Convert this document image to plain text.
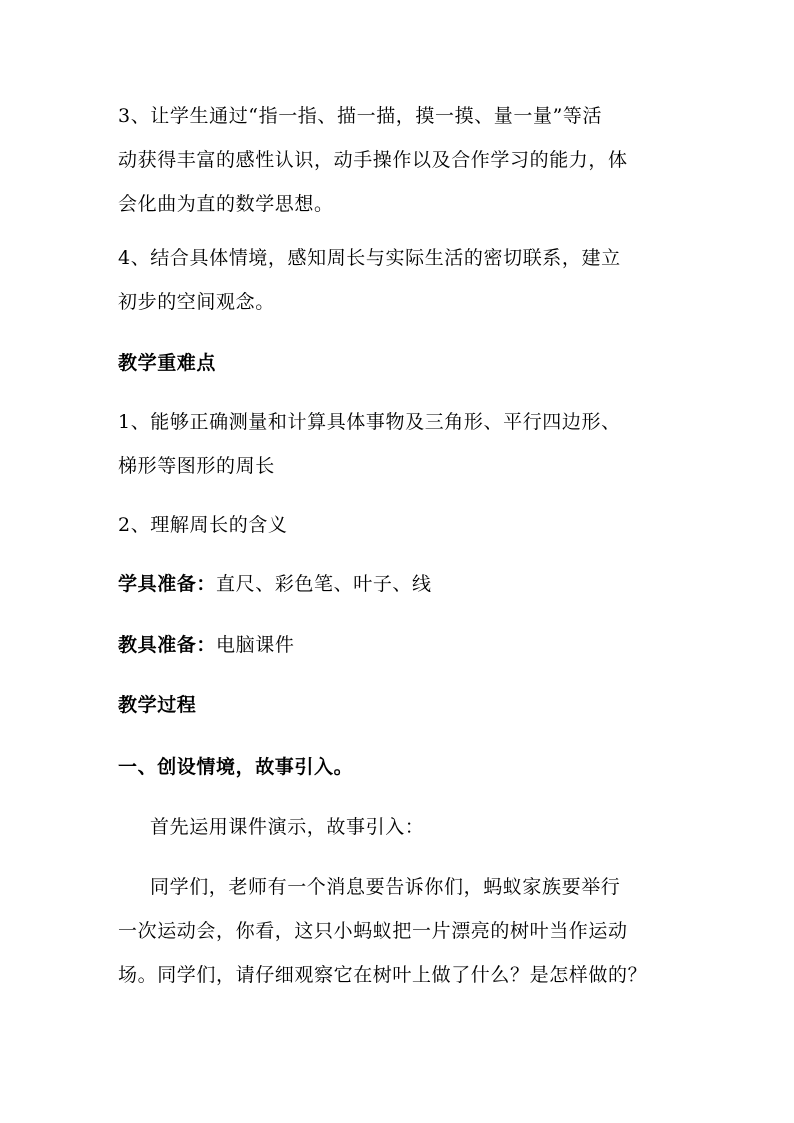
3、让学生通过“指一指、描一描，摸一摸、量一量”等活
动获得丰富的感性认识，动手操作以及合作学习的能力，体
会化曲为直的数学思想。
4、结合具体情境，感知周长与实际生活的密切联系，建立
初步的空间观念。
教学重难点
1、能够正确测量和计算具体事物及三角形、平行四边形、
梯形等图形的周长
2、理解周长的含义
学具准备：直尺、彩色笔、叶子、线
教具准备：电脑课件
教学过程
一、创设情境，故事引入。
首先运用课件演示，故事引入：
同学们，老师有一个消息要告诉你们，蚂蚁家族要举行
一次运动会，你看，这只小蚂蚁把一片漂亮的树叶当作运动
场。同学们，请仔细观察它在树叶上做了什么？是怎样做的？
